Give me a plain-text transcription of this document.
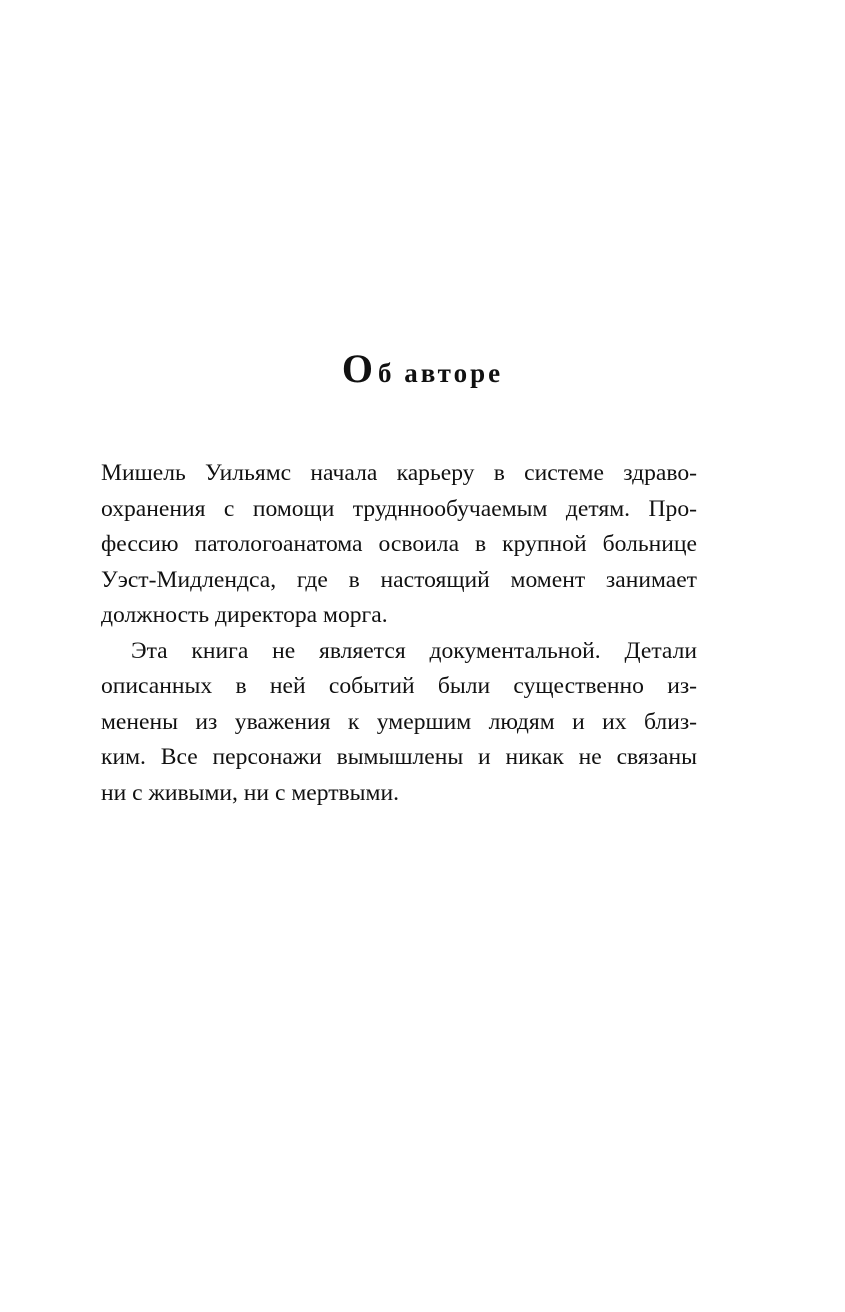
О б авторе
Мишель Уильямс начала карьеру в системе здраво-
охранения с помощи трудннообучаемым детям. Про-
фессию патологоанатома освоила в крупной больнице
Уэст-Мидлендса, где в настоящий момент занимает
должность директора морга.
Эта книга не является документальной. Детали
описанных в ней событий были существенно из-
менены из уважения к умершим людям и их близ-
ким. Все персонажи вымышлены и никак не связаны
ни с живыми, ни с мертвыми.
